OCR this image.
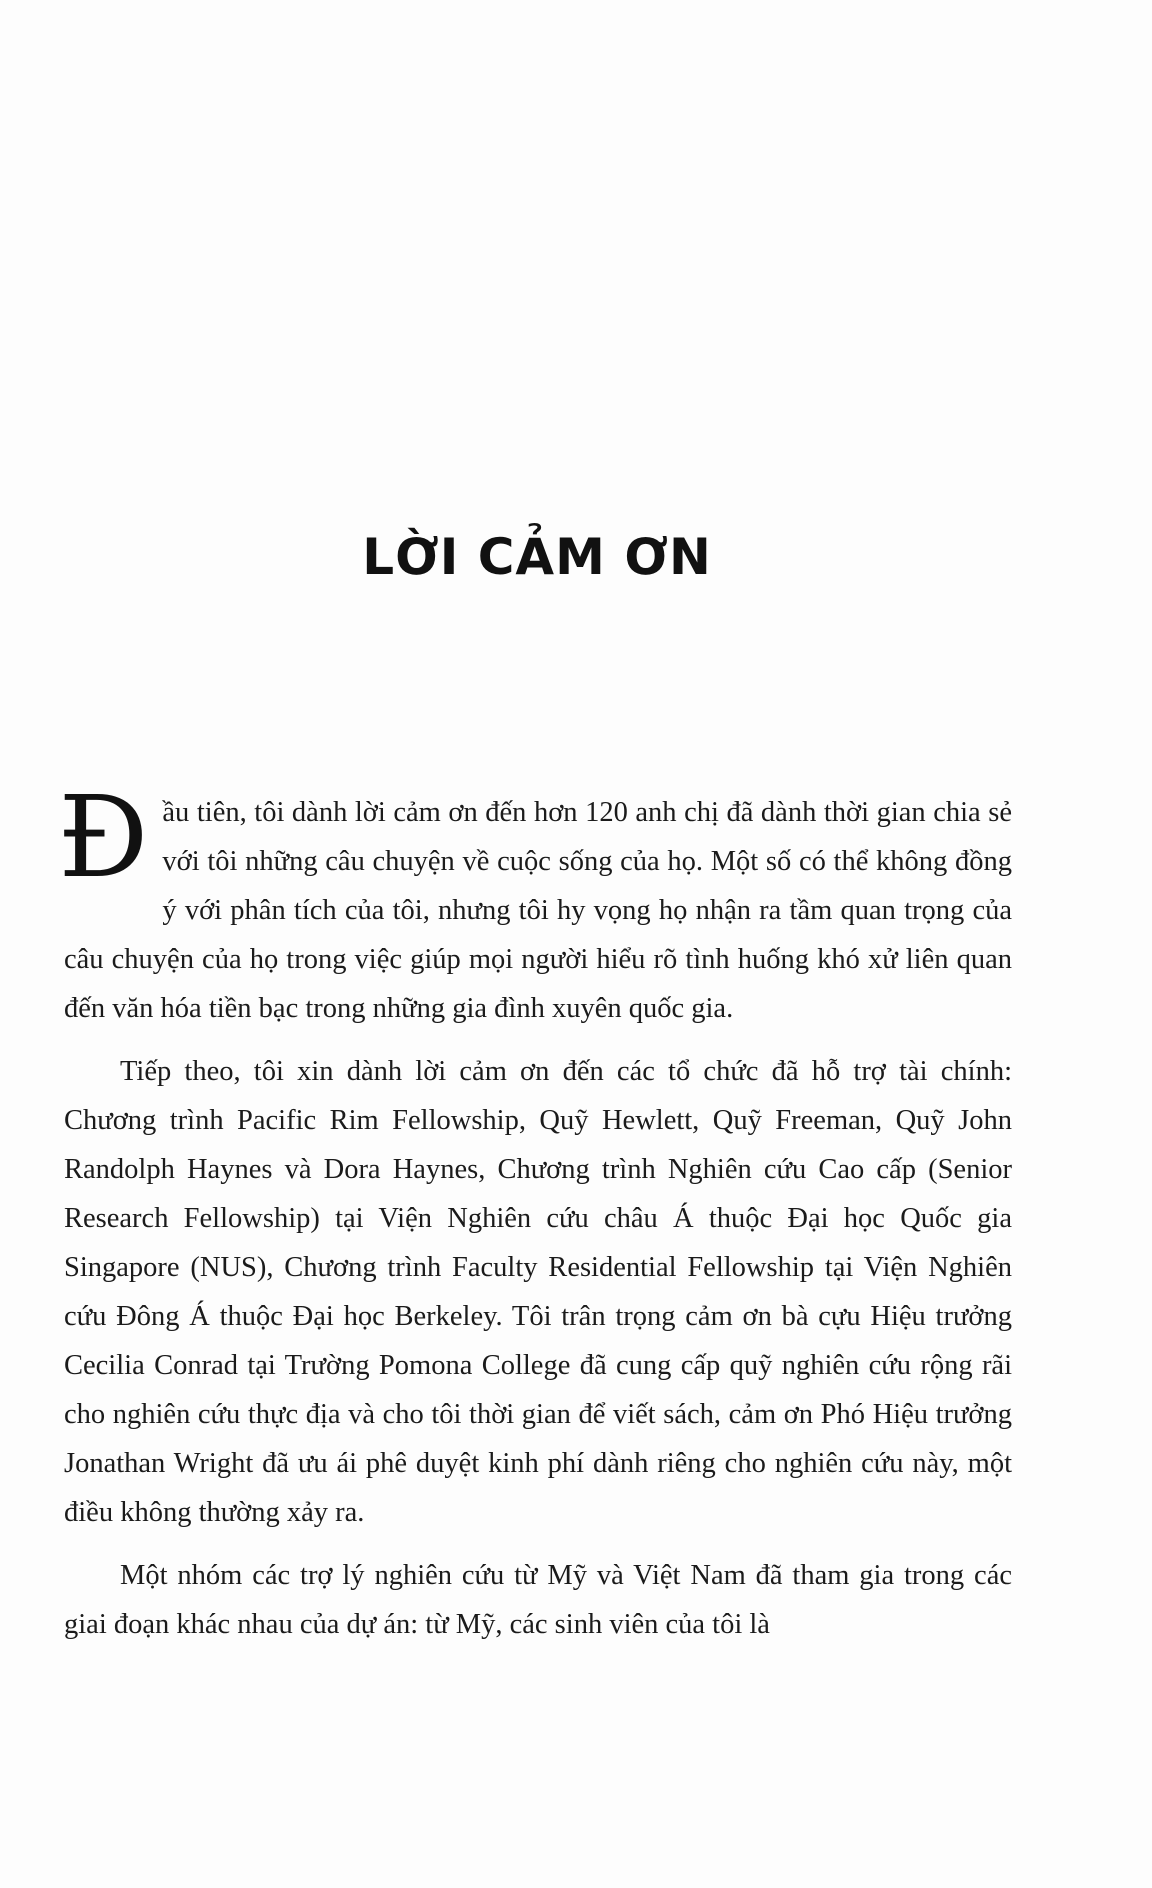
LỜI CẢM ƠN

Đầu tiên, tôi dành lời cảm ơn đến hơn 120 anh chị đã dành thời gian chia sẻ với tôi những câu chuyện về cuộc sống của họ. Một số có thể không đồng ý với phân tích của tôi, nhưng tôi hy vọng họ nhận ra tầm quan trọng của câu chuyện của họ trong việc giúp mọi người hiểu rõ tình huống khó xử liên quan đến văn hóa tiền bạc trong những gia đình xuyên quốc gia.

Tiếp theo, tôi xin dành lời cảm ơn đến các tổ chức đã hỗ trợ tài chính: Chương trình Pacific Rim Fellowship, Quỹ Hewlett, Quỹ Freeman, Quỹ John Randolph Haynes và Dora Haynes, Chương trình Nghiên cứu Cao cấp (Senior Research Fellowship) tại Viện Nghiên cứu châu Á thuộc Đại học Quốc gia Singapore (NUS), Chương trình Faculty Residential Fellowship tại Viện Nghiên cứu Đông Á thuộc Đại học Berkeley. Tôi trân trọng cảm ơn bà cựu Hiệu trưởng Cecilia Conrad tại Trường Pomona College đã cung cấp quỹ nghiên cứu rộng rãi cho nghiên cứu thực địa và cho tôi thời gian để viết sách, cảm ơn Phó Hiệu trưởng Jonathan Wright đã ưu ái phê duyệt kinh phí dành riêng cho nghiên cứu này, một điều không thường xảy ra.

Một nhóm các trợ lý nghiên cứu từ Mỹ và Việt Nam đã tham gia trong các giai đoạn khác nhau của dự án: từ Mỹ, các sinh viên của tôi là
